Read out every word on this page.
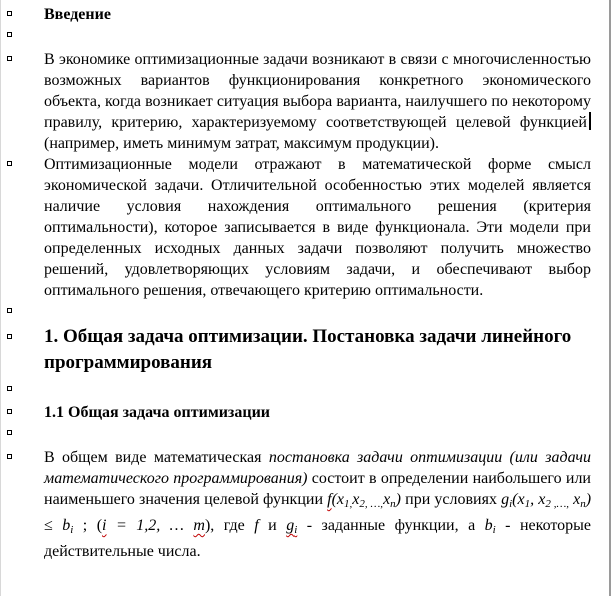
Введение
В экономике оптимизационные задачи возникают в связи с многочисленностью возможных вариантов функционирования конкретного экономического объекта, когда возникает ситуация выбора варианта, наилучшего по некоторому правилу, критерию, характеризуемому соответствующей целевой функцией (например, иметь минимум затрат, максимум продукции).
Оптимизационные модели отражают в математической форме смысл экономической задачи. Отличительной особенностью этих моделей является наличие условия нахождения оптимального решения (критерия оптимальности), которое записывается в виде функционала. Эти модели при определенных исходных данных задачи позволяют получить множество решений, удовлетворяющих условиям задачи, и обеспечивают выбор оптимального решения, отвечающего критерию оптимальности.
1. Общая задача оптимизации. Постановка задачи линейного программирования
1.1 Общая задача оптимизации
В общем виде математическая постановка задачи оптимизации (или задачи математического программирования) состоит в определении наибольшего или наименьшего значения целевой функции $f(x_{1,}x_{2, \dots,}x_n)$ при условиях $g_i(x_1$, $x_{2 ,\dots,}$ $x_n) \le b_i$ ; (i = 1,2, … m), где f и $g_i$ - заданные функции, а $b_i$ - некоторые действительные числа.
